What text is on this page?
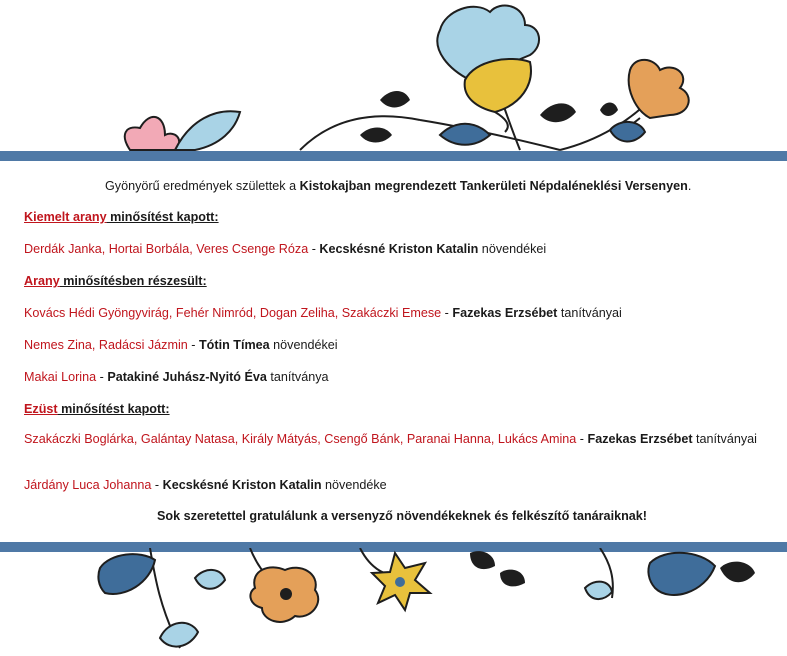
Gyönyörű eredmények születtek a Kistokajban megrendezett Tankerületi Népdaléneklési Versenyen.
Kiemelt arany minősítést kapott:
Derdák Janka, Hortai Borbála, Veres Csenge Róza - Kecskésné Kriston Katalin növendékei
Arany minősítésben részesült:
Kovács Hédi Gyöngyvirág, Fehér Nimród, Dogan Zeliha, Szakáczki Emese - Fazekas Erzsébet tanítványai
Nemes Zina, Radácsi Jázmin - Tótin Tímea növendékei
Makai Lorina - Patakiné Juhász-Nyitó Éva tanítványa
Ezüst minősítést kapott:
Szakáczki Boglárka, Galántay Natasa, Király Mátyás, Csengő Bánk, Paranai Hanna, Lukács Amina - Fazekas Erzsébet tanítványai
Járdány Luca Johanna - Kecskésné Kriston Katalin növendéke
Sok szeretettel gratulálunk a versenyző növendékeknek és felkészítő tanáraiknak!
